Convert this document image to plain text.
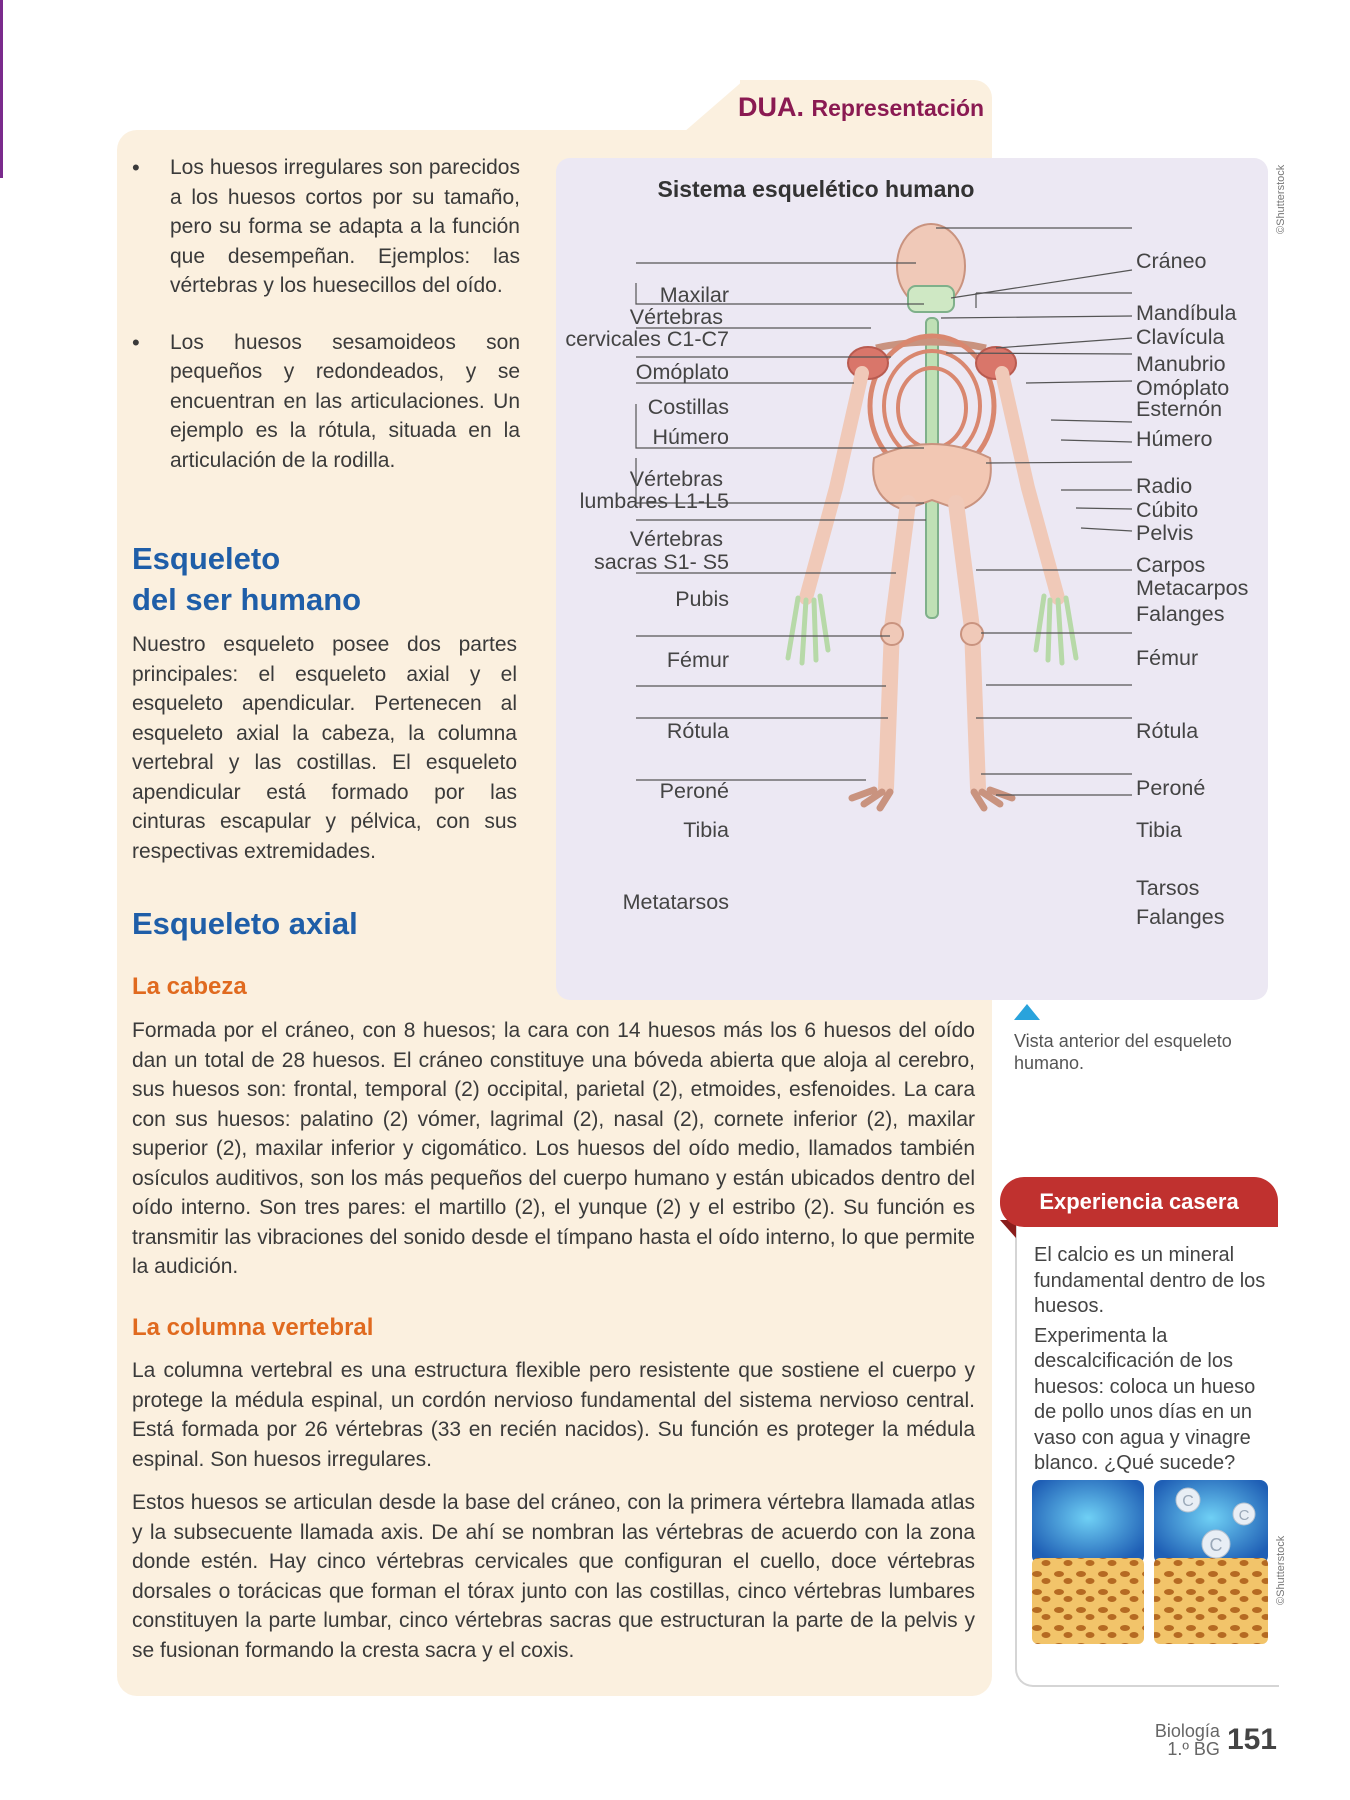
DUA. Representación
• Los huesos irregulares son parecidos a los huesos cortos por su tamaño, pero su forma se adapta a la función que desempeñan. Ejemplos: las vértebras y los huesecillos del oído.
• Los huesos sesamoideos son pequeños y redondeados, y se encuentran en las articulaciones. Un ejemplo es la rótula, situada en la articulación de la rodilla.
Esqueleto
del ser humano

Nuestro esqueleto posee dos partes principales: el esqueleto axial y el esqueleto apendicular. Pertenecen al esqueleto axial la cabeza, la columna vertebral y las costillas. El esqueleto apendicular está formado por las cinturas escapular y pélvica, con sus respectivas extremidades.

Esqueleto axial
La cabeza

Formada por el cráneo, con 8 huesos; la cara con 14 huesos más los 6 huesos del oído dan un total de 28 huesos. El cráneo constituye una bóveda abierta que aloja al cerebro, sus huesos son: frontal, temporal (2) occipital, parietal (2), etmoides, esfenoides. La cara con sus huesos: palatino (2) vómer, lagrimal (2), nasal (2), cornete inferior (2), maxilar superior (2), maxilar inferior y cigomático. Los huesos del oído medio, llamados también osículos auditivos, son los más pequeños del cuerpo humano y están ubicados dentro del oído interno. Son tres pares: el martillo (2), el yunque (2) y el estribo (2). Su función es transmitir las vibraciones del sonido desde el tímpano hasta el oído interno, lo que permite la audición.

La columna vertebral

La columna vertebral es una estructura flexible pero resistente que sostiene el cuerpo y protege la médula espinal, un cordón nervioso fundamental del sistema nervioso central. Está formada por 26 vértebras (33 en recién nacidos). Su función es proteger la médula espinal. Son huesos irregulares.

Estos huesos se articulan desde la base del cráneo, con la primera vértebra llamada atlas y la subsecuente llamada axis. De ahí se nombran las vértebras de acuerdo con la zona donde estén. Hay cinco vértebras cervicales que configuran el cuello, doce vértebras dorsales o torácicas que forman el tórax junto con las costillas, cinco vértebras lumbares constituyen la parte lumbar, cinco vértebras sacras que estructuran la parte de la pelvis y se fusionan formando la cresta sacra y el coxis.

Sistema esquelético humano	©Shutterstock
Maxilar
Vértebras
cervicales C1-C7
Omóplato
Costillas
Húmero
Vértebras
lumbares L1-L5
Vértebras
sacras S1- S5
Pubis
Fémur
Rótula
Peroné
Tibia
Metatarsos
Cráneo
Mandíbula
Clavícula
Manubrio
Omóplato
Esternón
Húmero
Radio
Cúbito
Pelvis
Carpos
Metacarpos
Falanges
Fémur
Rótula
Peroné
Tibia
Tarsos
Falanges
Vista anterior del esqueleto humano.
Experiencia casera

El calcio es un mineral fundamental dentro de los huesos.

Experimenta la descalcificación de los huesos: coloca un hueso de pollo unos días en un vaso con agua y vinagre blanco. ¿Qué sucede?

©Shutterstock
C
C
C
Biología
1.º BG	151
